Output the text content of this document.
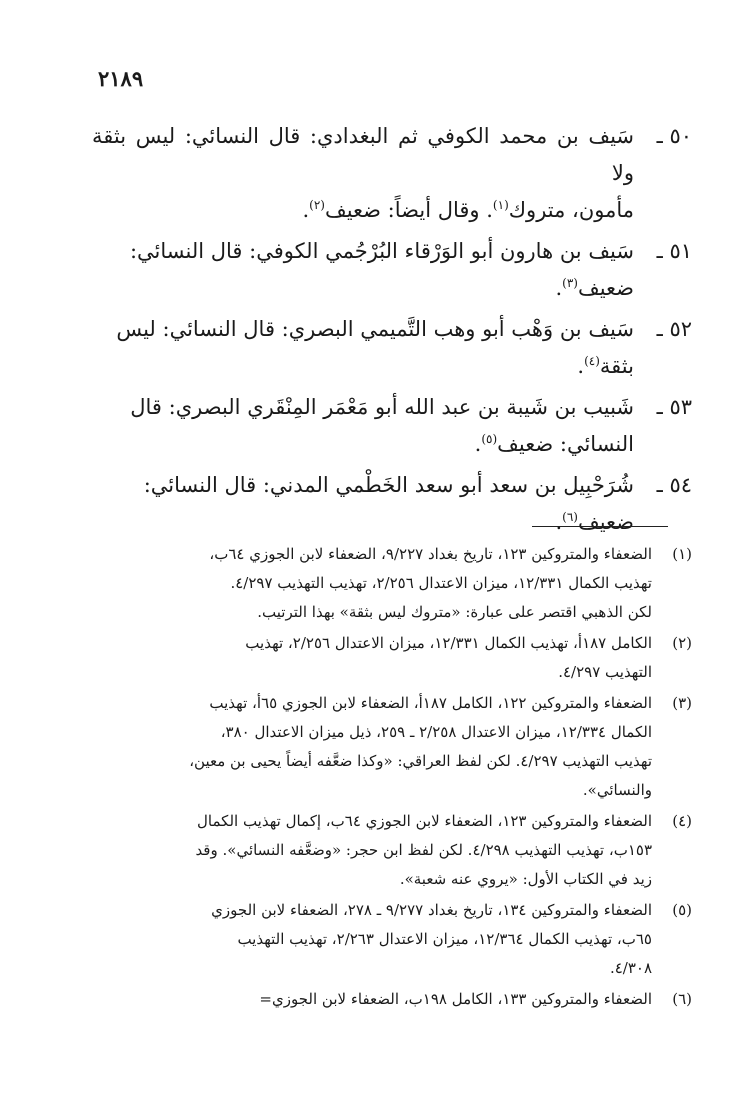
٢١٨٩
٥٠ ـ
سَيف بن محمد الكوفي ثم البغدادي: قال النسائي: ليس بثقة ولا
مأمون، متروك$^{(١)}$. وقال أيضاً: ضعيف$^{(٢)}$.
٥١ ـ
سَيف بن هارون أبو الوَرْقاء البُرْجُمي الكوفي: قال النسائي:
ضعيف$^{(٣)}$.
٥٢ ـ
سَيف بن وَهْب أبو وهب التَّميمي البصري: قال النسائي: ليس
بثقة$^{(٤)}$.
٥٣ ـ
شَبيب بن شَيبة بن عبد الله أبو مَعْمَر المِنْقَري البصري: قال
النسائي: ضعيف$^{(٥)}$.
٥٤ ـ
شُرَحْبِيل بن سعد أبو سعد الخَطْمي المدني: قال النسائي:
ضعيف$^{(٦)}$.
(١)
الضعفاء والمتروكين ١٢٣، تاريخ بغداد ٩/٢٢٧، الضعفاء لابن الجوزي ٦٤ب،
تهذيب الكمال ١٢/٣٣١، ميزان الاعتدال ٢/٢٥٦، تهذيب التهذيب ٤/٢٩٧.
لكن الذهبي اقتصر على عبارة: «متروك ليس بثقة» بهذا الترتيب.
(٢)
الكامل ١٨٧أ، تهذيب الكمال ١٢/٣٣١، ميزان الاعتدال ٢/٢٥٦، تهذيب
التهذيب ٤/٢٩٧.
(٣)
الضعفاء والمتروكين ١٢٢، الكامل ١٨٧أ، الضعفاء لابن الجوزي ٦٥أ، تهذيب
الكمال ١٢/٣٣٤، ميزان الاعتدال ٢/٢٥٨ ـ ٢٥٩، ذيل ميزان الاعتدال ٣٨٠،
تهذيب التهذيب ٤/٢٩٧. لكن لفظ العراقي: «وكذا ضعَّفه أيضاً يحيى بن معين،
والنسائي».
(٤)
الضعفاء والمتروكين ١٢٣، الضعفاء لابن الجوزي ٦٤ب، إكمال تهذيب الكمال
١٥٣ب، تهذيب التهذيب ٤/٢٩٨. لكن لفظ ابن حجر: «وضعَّفه النسائي». وقد
زيد في الكتاب الأول: «يروي عنه شعبة».
(٥)
الضعفاء والمتروكين ١٣٤، تاريخ بغداد ٩/٢٧٧ ـ ٢٧٨، الضعفاء لابن الجوزي
٦٥ب، تهذيب الكمال ١٢/٣٦٤، ميزان الاعتدال ٢/٢٦٣، تهذيب التهذيب
٤/٣٠٨.
(٦)
الضعفاء والمتروكين ١٣٣، الكامل ١٩٨ب، الضعفاء لابن الجوزي=
